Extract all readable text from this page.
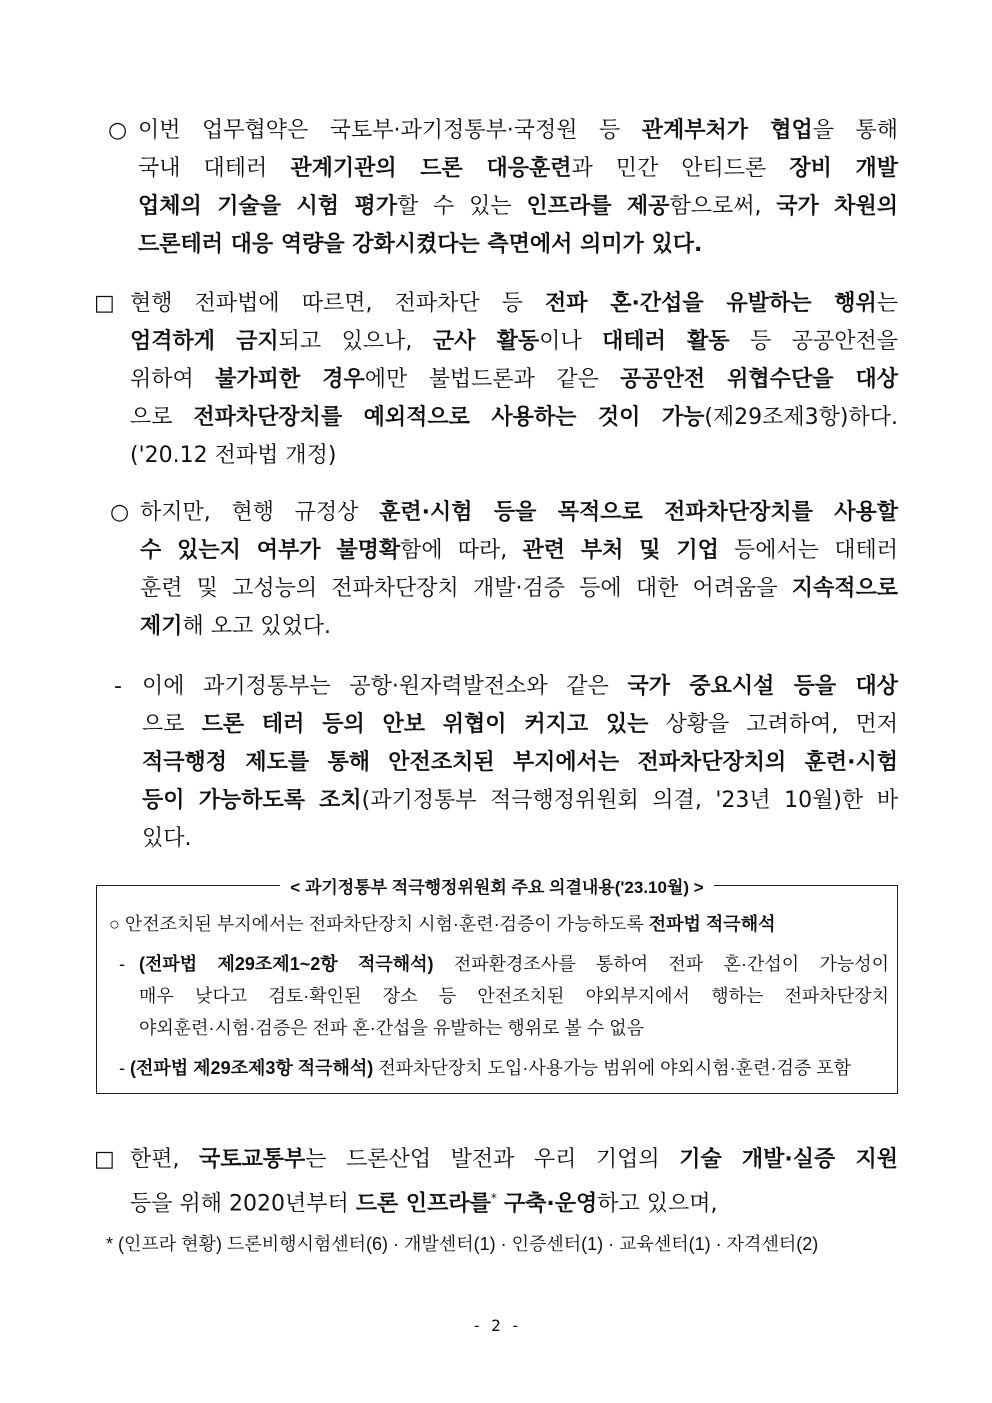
○ 이번 업무협약은 국토부·과기정통부·국정원 등 관계부처가 협업을 통해
국내 대테러 관계기관의 드론 대응훈련과 민간 안티드론 장비 개발
업체의 기술을 시험 평가할 수 있는 인프라를 제공함으로써, 국가 차원의
드론테러 대응 역량을 강화시켰다는 측면에서 의미가 있다.
□ 현행 전파법에 따르면, 전파차단 등 전파 혼·간섭을 유발하는 행위는
엄격하게 금지되고 있으나, 군사 활동이나 대테러 활동 등 공공안전을
위하여 불가피한 경우에만 불법드론과 같은 공공안전 위협수단을 대상
으로 전파차단장치를 예외적으로 사용하는 것이 가능(제29조제3항)하다.
('20.12 전파법 개정)
○ 하지만, 현행 규정상 훈련·시험 등을 목적으로 전파차단장치를 사용할
수 있는지 여부가 불명확함에 따라, 관련 부처 및 기업 등에서는 대테러
훈련 및 고성능의 전파차단장치 개발·검증 등에 대한 어려움을 지속적으로
제기해 오고 있었다.
- 이에 과기정통부는 공항·원자력발전소와 같은 국가 중요시설 등을 대상
으로 드론 테러 등의 안보 위협이 커지고 있는 상황을 고려하여, 먼저
적극행정 제도를 통해 안전조치된 부지에서는 전파차단장치의 훈련·시험
등이 가능하도록 조치(과기정통부 적극행정위원회 의결, '23년 10월)한 바
있다.
< 과기정통부 적극행정위원회 주요 의결내용('23.10월) >
○ 안전조치된 부지에서는 전파차단장치 시험·훈련·검증이 가능하도록 전파법 적극해석
- (전파법 제29조제1~2항 적극해석) 전파환경조사를 통하여 전파 혼·간섭이 가능성이
매우 낮다고 검토·확인된 장소 등 안전조치된 야외부지에서 행하는 전파차단장치
야외훈련·시험·검증은 전파 혼·간섭을 유발하는 행위로 볼 수 없음
- (전파법 제29조제3항 적극해석) 전파차단장치 도입·사용가능 범위에 야외시험·훈련·검증 포함
□ 한편, 국토교통부는 드론산업 발전과 우리 기업의 기술 개발·실증 지원
등을 위해 2020년부터 드론 인프라를* 구축·운영하고 있으며,
* (인프라 현황) 드론비행시험센터(6) · 개발센터(1) · 인증센터(1) · 교육센터(1) · 자격센터(2)
- 2 -
